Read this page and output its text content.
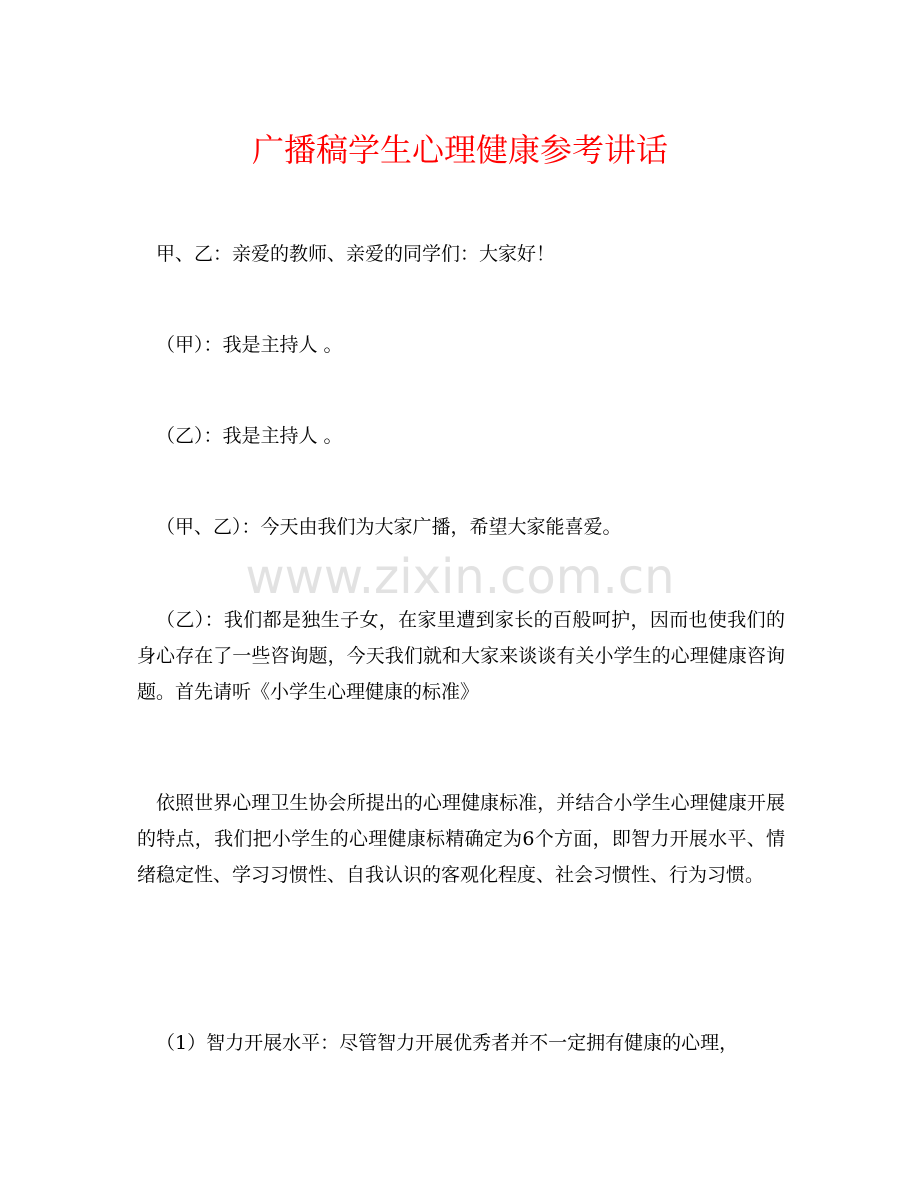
广播稿学生心理健康参考讲话

甲、乙：亲爱的教师、亲爱的同学们：大家好！

（甲）：我是主持人 。

（乙）：我是主持人 。

（甲、乙）：今天由我们为大家广播，希望大家能喜爱。

（乙）：我们都是独生子女，在家里遭到家长的百般呵护，因而也使我们的身心存在了一些咨询题，今天我们就和大家来谈谈有关小学生的心理健康咨询题。首先请听《小学生心理健康的标准》

依照世界心理卫生协会所提出的心理健康标准，并结合小学生心理健康开展的特点，我们把小学生的心理健康标精确定为6个方面，即智力开展水平、情绪稳定性、学习习惯性、自我认识的客观化程度、社会习惯性、行为习惯。

（1）智力开展水平：尽管智力开展优秀者并不一定拥有健康的心理，

www.zixin.com.cn
